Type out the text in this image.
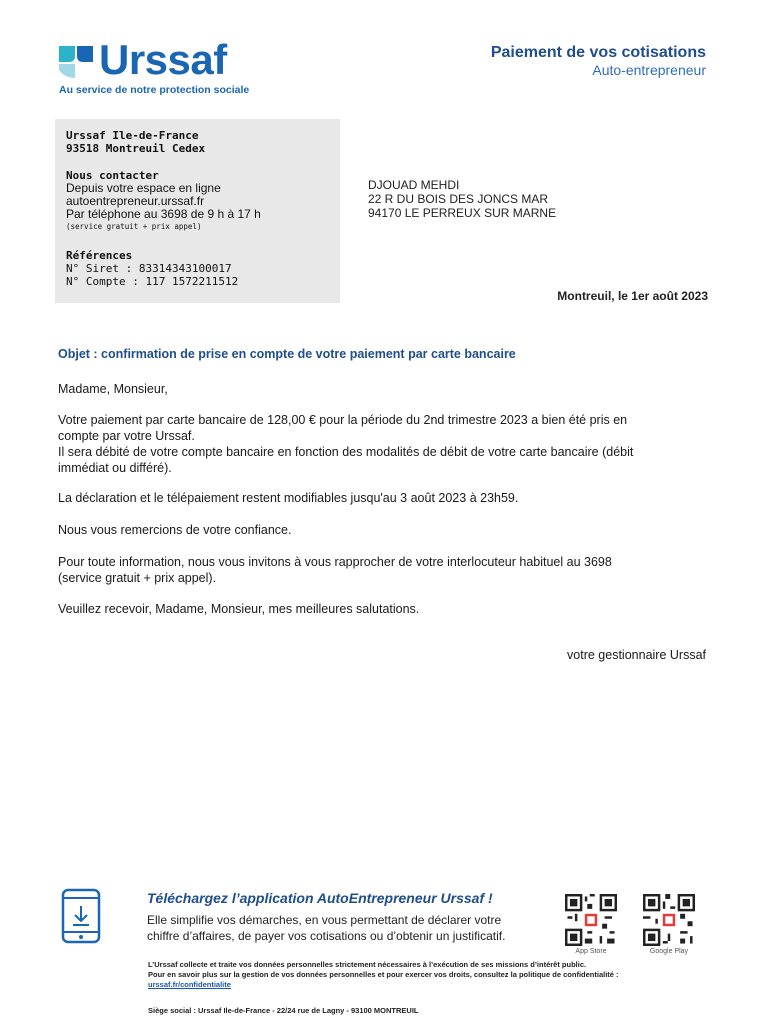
Urssaf
Au service de notre protection sociale
Paiement de vos cotisations
Auto-entrepreneur
Urssaf Ile-de-France
93518 Montreuil Cedex
Nous contacter
Depuis votre espace en ligne
autoentrepreneur.urssaf.fr
Par téléphone au 3698 de 9 h à 17 h
(service gratuit + prix appel)
Références
N° Siret : 83314343100017
N° Compte : 117 1572211512
DJOUAD MEHDI
22 R DU BOIS DES JONCS MAR
94170 LE PERREUX SUR MARNE
Montreuil, le 1er août 2023
Objet : confirmation de prise en compte de votre paiement par carte bancaire
Madame, Monsieur,
Votre paiement par carte bancaire de 128,00 € pour la période du 2nd trimestre 2023 a bien été pris en
compte par votre Urssaf.
Il sera débité de votre compte bancaire en fonction des modalités de débit de votre carte bancaire (débit
immédiat ou différé).
La déclaration et le télépaiement restent modifiables jusqu'au 3 août 2023 à 23h59.
Nous vous remercions de votre confiance.
Pour toute information, nous vous invitons à vous rapprocher de votre interlocuteur habituel au 3698
(service gratuit + prix appel).
Veuillez recevoir, Madame, Monsieur, mes meilleures salutations.
votre gestionnaire Urssaf
Téléchargez l’application AutoEntrepreneur Urssaf !
Elle simplifie vos démarches, en vous permettant de déclarer votre
chiffre d’affaires, de payer vos cotisations ou d’obtenir un justificatif.
App Store	Google Play
L’Urssaf collecte et traite vos données personnelles strictement nécessaires à l’exécution de ses missions d’intérêt public.
Pour en savoir plus sur la gestion de vos données personnelles et pour exercer vos droits, consultez la politique de confidentialité :
urssaf.fr/confidentialite
Siège social : Urssaf Ile-de-France - 22/24 rue de Lagny - 93100 MONTREUIL
